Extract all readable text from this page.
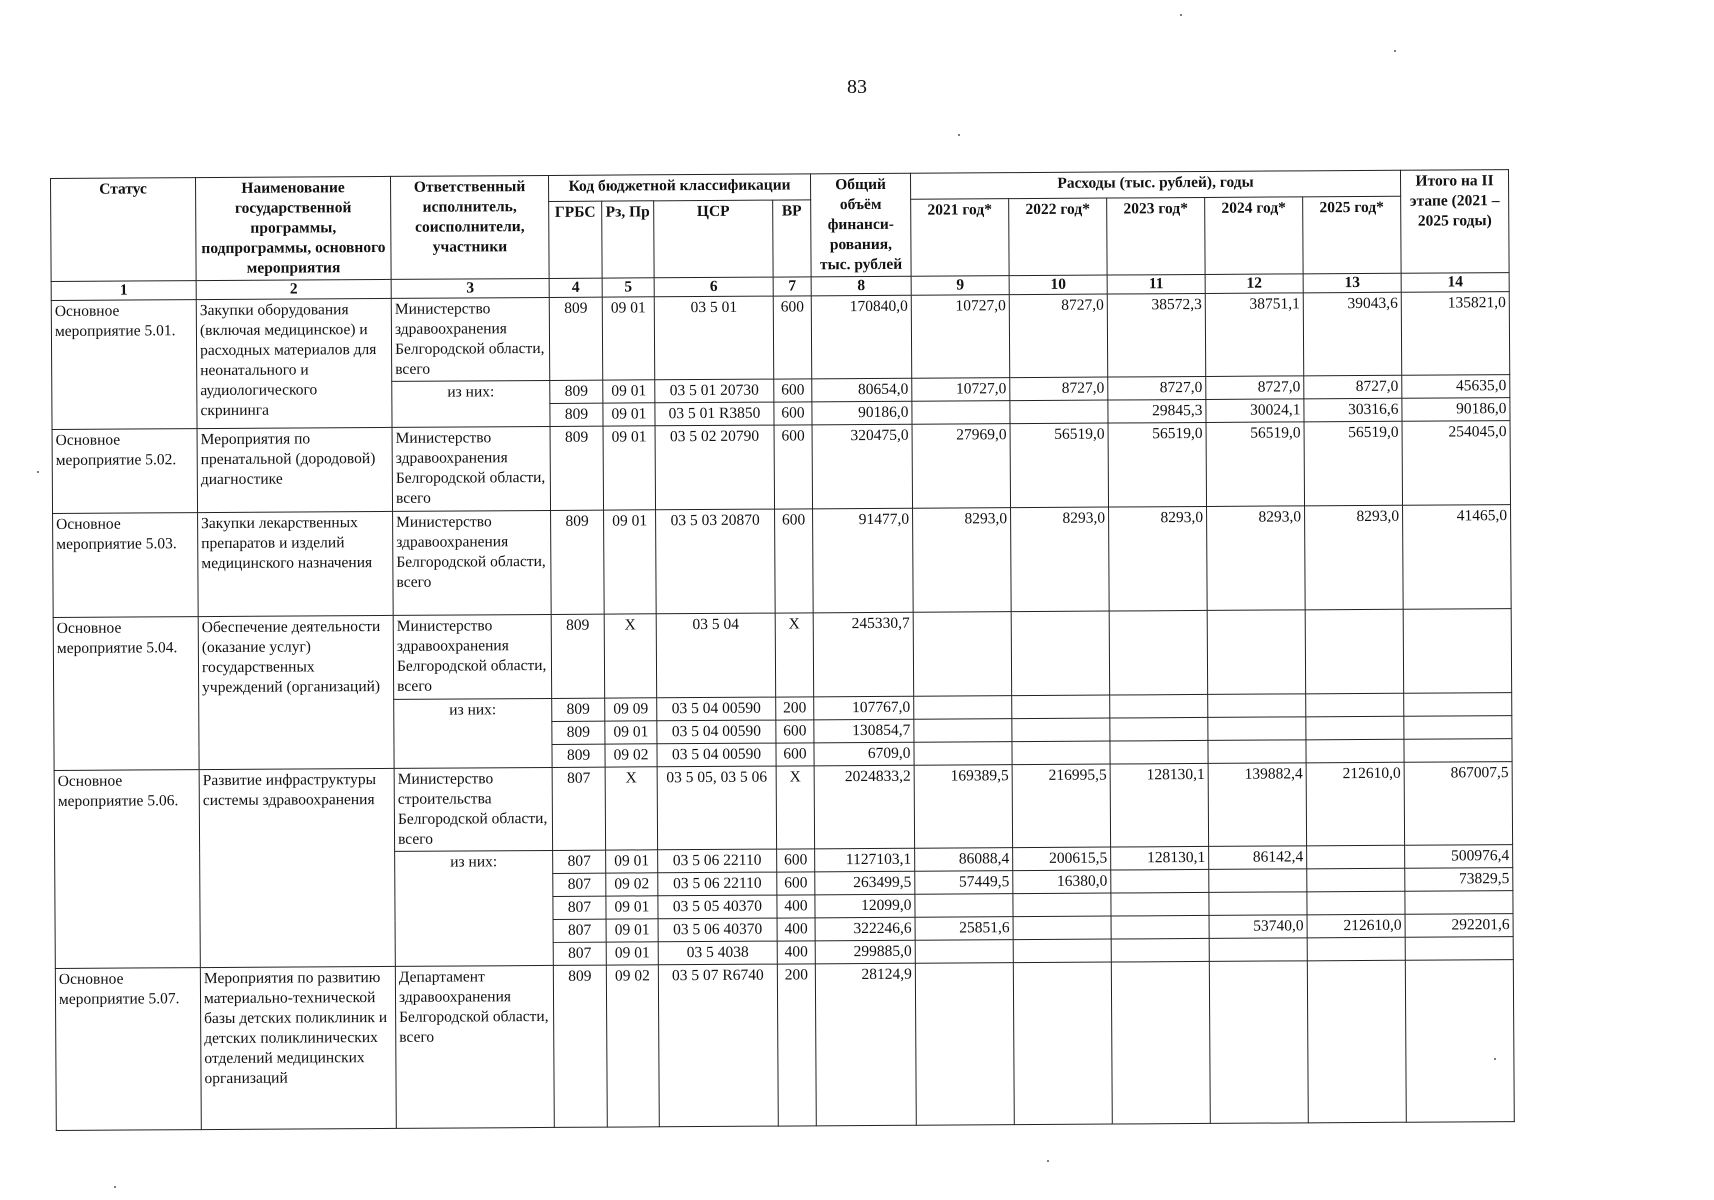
83
Статус	Наименование государственной программы, подпрограммы, основного мероприятия	Ответственный исполнитель, соисполнители, участники	Код бюджетной классификации				Общий объём финанси-рования, тыс. рублей	Расходы (тыс. рублей), годы					Итого на II этапе (2021 – 2025 годы)
			ГРБС	Рз, Пр	ЦСР	ВР		2021 год*	2022 год*	2023 год*	2024 год*	2025 год*	
1	2	3	4	5	6	7	8	9	10	11	12	13	14
Основное мероприятие 5.01.	Закупки оборудования (включая медицинское) и расходных материалов для неонатального и аудиологического скрининга	Министерство здравоохранения Белгородской области, всего	809	09 01	03 5 01	600	170840,0	10727,0	8727,0	38572,3	38751,1	39043,6	135821,0
		из них:	809	09 01	03 5 01 20730	600	80654,0	10727,0	8727,0	8727,0	8727,0	8727,0	45635,0
			809	09 01	03 5 01 R3850	600	90186,0			29845,3	30024,1	30316,6	90186,0
Основное мероприятие 5.02.	Мероприятия по пренатальной (дородовой) диагностике	Министерство здравоохранения Белгородской области, всего	809	09 01	03 5 02 20790	600	320475,0	27969,0	56519,0	56519,0	56519,0	56519,0	254045,0
Основное мероприятие 5.03.	Закупки лекарственных препаратов и изделий медицинского назначения	Министерство здравоохранения Белгородской области, всего	809	09 01	03 5 03 20870	600	91477,0	8293,0	8293,0	8293,0	8293,0	8293,0	41465,0
Основное мероприятие 5.04.	Обеспечение деятельности (оказание услуг) государственных учреждений (организаций)	Министерство здравоохранения Белгородской области, всего	809	X	03 5 04	X	245330,7						
		из них:	809	09 09	03 5 04 00590	200	107767,0						
			809	09 01	03 5 04 00590	600	130854,7						
			809	09 02	03 5 04 00590	600	6709,0						
Основное мероприятие 5.06.	Развитие инфраструктуры системы здравоохранения	Министерство строительства Белгородской области, всего	807	X	03 5 05, 03 5 06	X	2024833,2	169389,5	216995,5	128130,1	139882,4	212610,0	867007,5
		из них:	807	09 01	03 5 06 22110	600	1127103,1	86088,4	200615,5	128130,1	86142,4		500976,4
			807	09 02	03 5 06 22110	600	263499,5	57449,5	16380,0				73829,5
			807	09 01	03 5 05 40370	400	12099,0						
			807	09 01	03 5 06 40370	400	322246,6	25851,6			53740,0	212610,0	292201,6
			807	09 01	03 5 4038	400	299885,0						
Основное мероприятие 5.07.	Мероприятия по развитию материально-технической базы детских поликлиник и детских поликлинических отделений медицинских организаций	Департамент здравоохранения Белгородской области, всего	809	09 02	03 5 07 R6740	200	28124,9						
